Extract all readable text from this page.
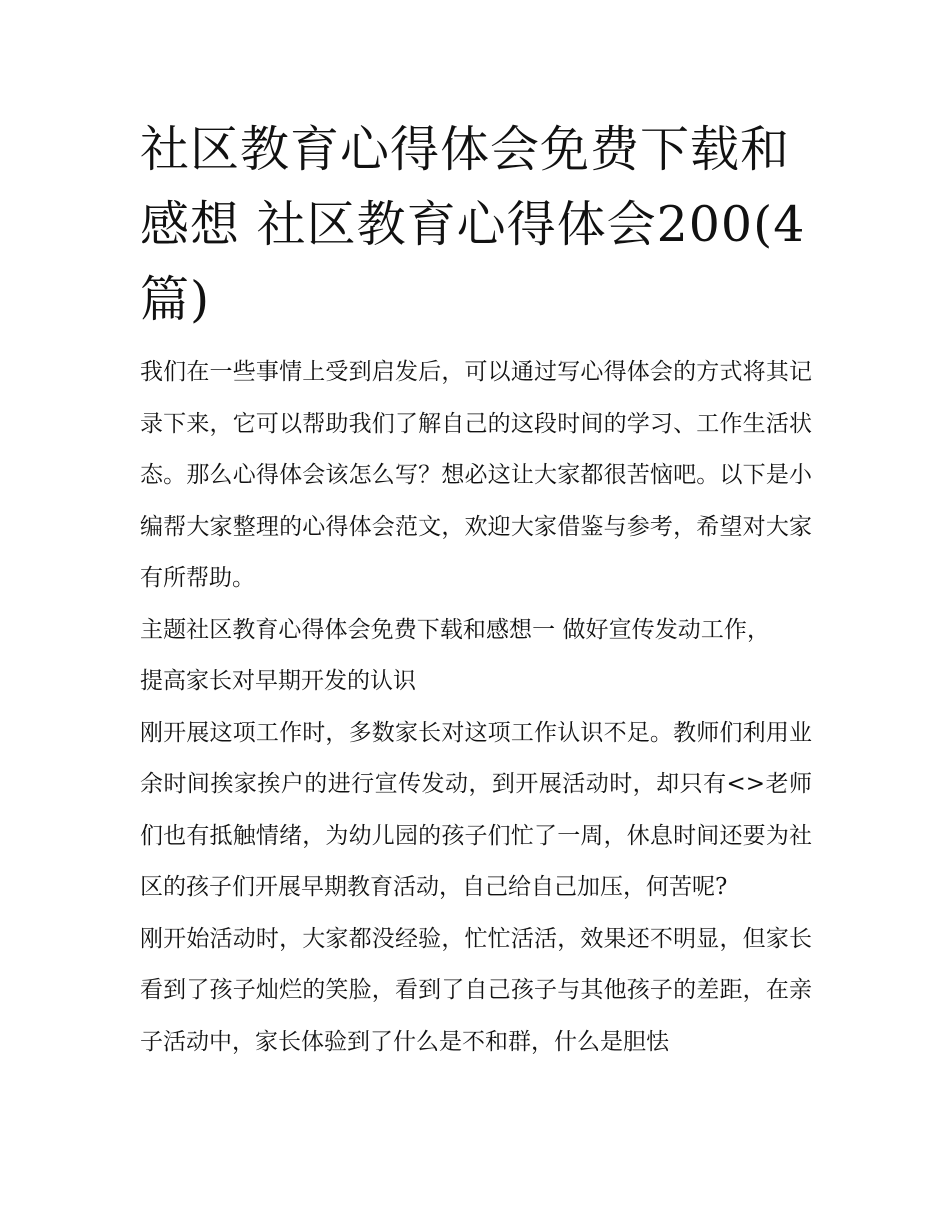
社区教育心得体会免费下载和感想 社区教育心得体会200(4篇)

我们在一些事情上受到启发后，可以通过写心得体会的方式将其记录下来，它可以帮助我们了解自己的这段时间的学习、工作生活状态。那么心得体会该怎么写？想必这让大家都很苦恼吧。以下是小编帮大家整理的心得体会范文，欢迎大家借鉴与参考，希望对大家有所帮助。

主题社区教育心得体会免费下载和感想一 做好宣传发动工作，提高家长对早期开发的认识

刚开展这项工作时，多数家长对这项工作认识不足。教师们利用业余时间挨家挨户的进行宣传发动，到开展活动时，却只有<>老师们也有抵触情绪，为幼儿园的孩子们忙了一周，休息时间还要为社区的孩子们开展早期教育活动，自己给自己加压，何苦呢?

刚开始活动时，大家都没经验，忙忙活活，效果还不明显，但家长看到了孩子灿烂的笑脸，看到了自己孩子与其他孩子的差距，在亲子活动中，家长体验到了什么是不和群，什么是胆怯
